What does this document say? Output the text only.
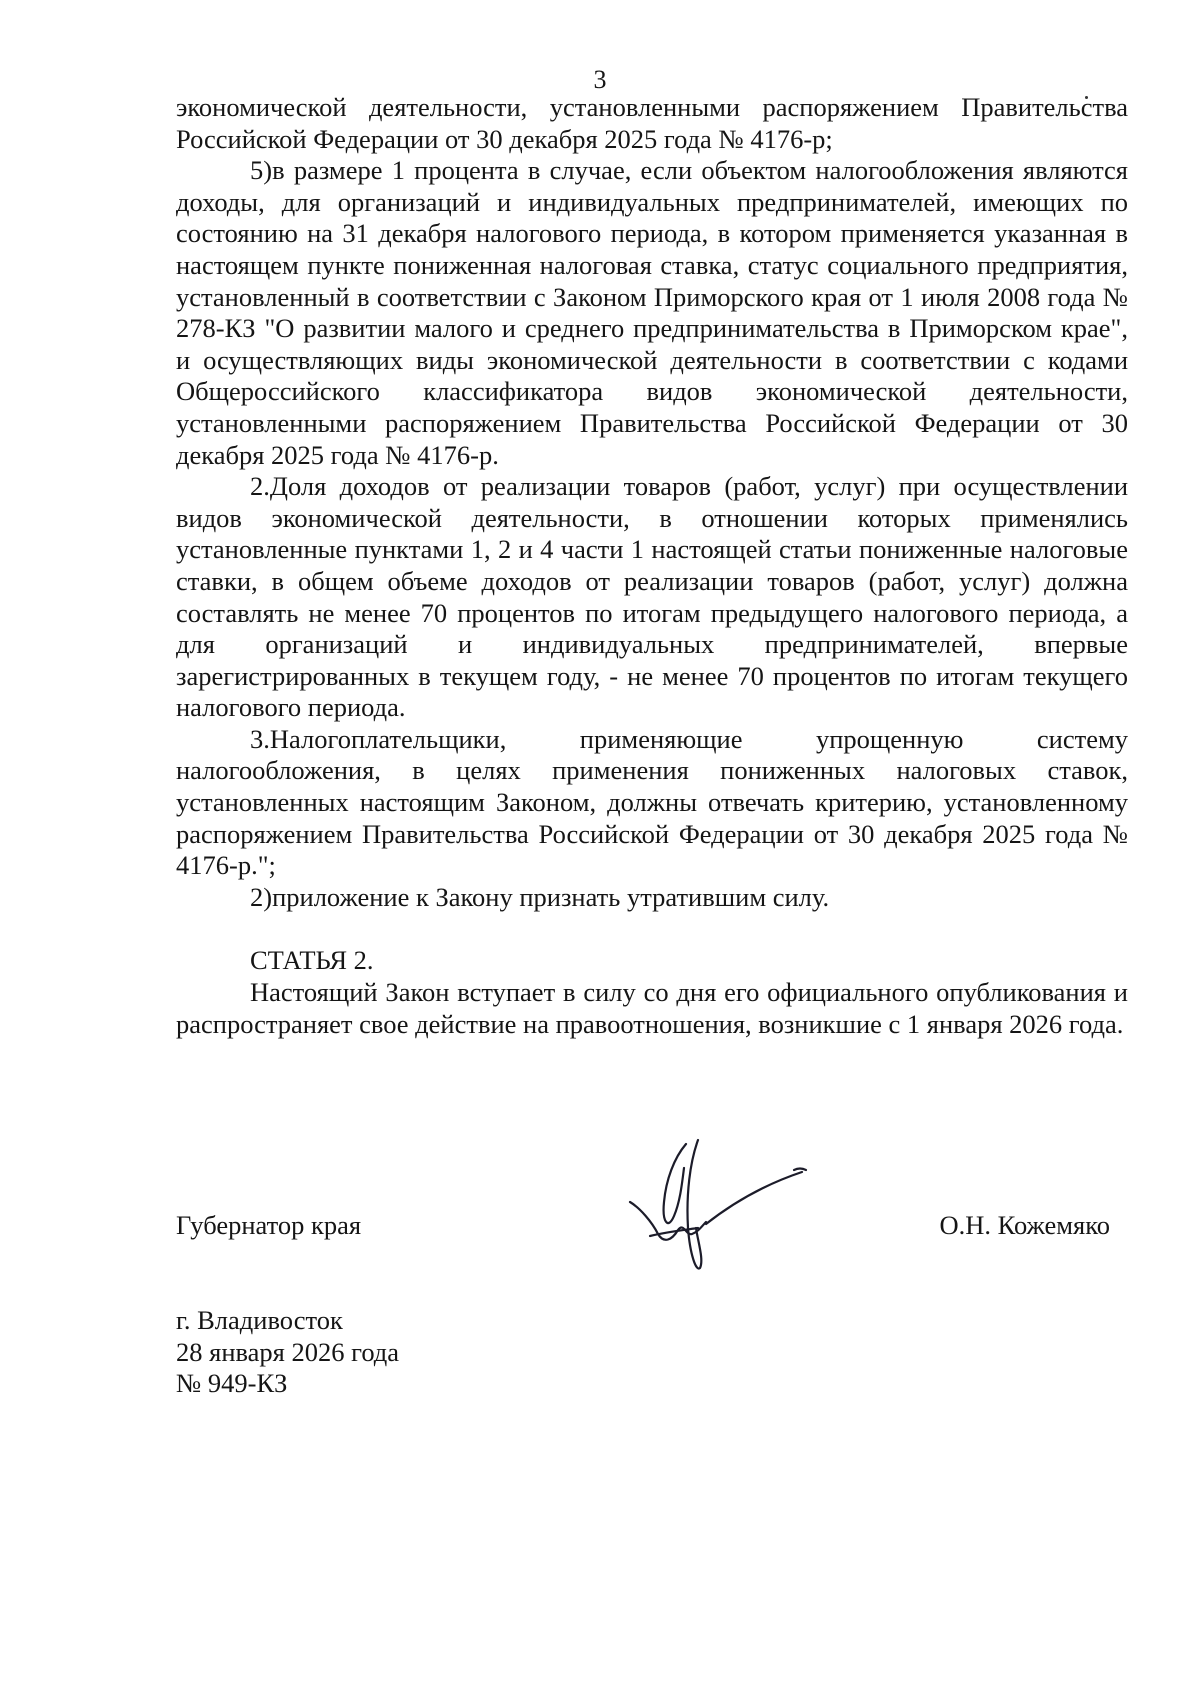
3

экономической деятельности, установленными распоряжением Правительства Российской Федерации от 30 декабря 2025 года № 4176-р;

5)в размере 1 процента в случае, если объектом налогообложения являются доходы, для организаций и индивидуальных предпринимателей, имеющих по состоянию на 31 декабря налогового периода, в котором применяется указанная в настоящем пункте пониженная налоговая ставка, статус социального предприятия, установленный в соответствии с Законом Приморского края от 1 июля 2008 года № 278-КЗ "О развитии малого и среднего предпринимательства в Приморском крае", и осуществляющих виды экономической деятельности в соответствии с кодами Общероссийского классификатора видов экономической деятельности, установленными распоряжением Правительства Российской Федерации от 30 декабря 2025 года № 4176-р.

2.Доля доходов от реализации товаров (работ, услуг) при осуществлении видов экономической деятельности, в отношении которых применялись установленные пунктами 1, 2 и 4 части 1 настоящей статьи пониженные налоговые ставки, в общем объеме доходов от реализации товаров (работ, услуг) должна составлять не менее 70 процентов по итогам предыдущего налогового периода, а для организаций и индивидуальных предпринимателей, впервые зарегистрированных в текущем году, - не менее 70 процентов по итогам текущего налогового периода.

3.Налогоплательщики, применяющие упрощенную систему налогообложения, в целях применения пониженных налоговых ставок, установленных настоящим Законом, должны отвечать критерию, установленному распоряжением Правительства Российской Федерации от 30 декабря 2025 года № 4176-р.";

2)приложение к Закону признать утратившим силу.

СТАТЬЯ 2.

Настоящий Закон вступает в силу со дня его официального опубликования и распространяет свое действие на правоотношения, возникшие с 1 января 2026 года.

Губернатор края	О.Н. Кожемяко
г. Владивосток
28 января 2026 года
№ 949-КЗ
